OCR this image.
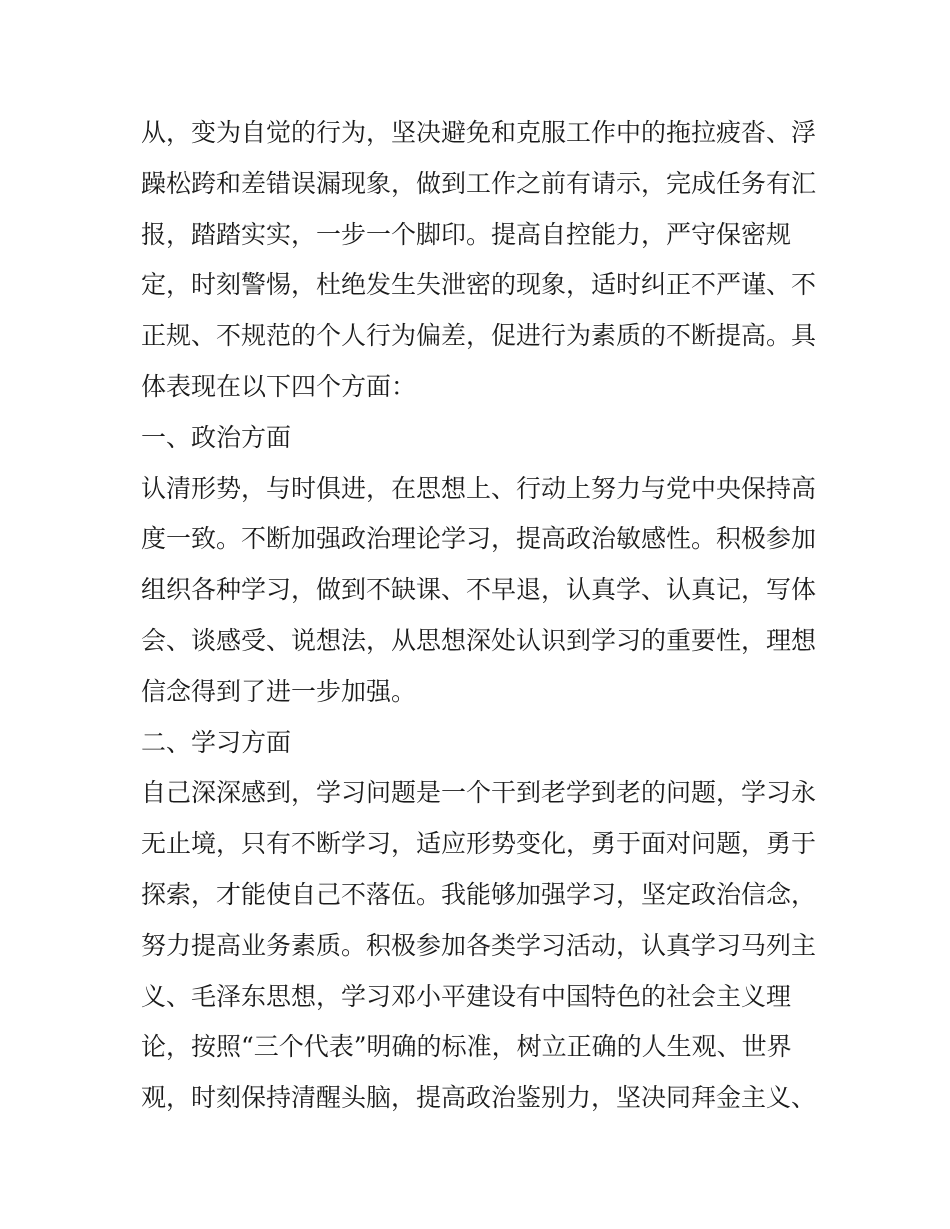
从，变为自觉的行为，坚决避免和克服工作中的拖拉疲沓、浮
躁松跨和差错误漏现象，做到工作之前有请示，完成任务有汇
报，踏踏实实，一步一个脚印。提高自控能力，严守保密规
定，时刻警惕，杜绝发生失泄密的现象，适时纠正不严谨、不
正规、不规范的个人行为偏差，促进行为素质的不断提高。具
体表现在以下四个方面：
一、政治方面
认清形势，与时俱进，在思想上、行动上努力与党中央保持高
度一致。不断加强政治理论学习，提高政治敏感性。积极参加
组织各种学习，做到不缺课、不早退，认真学、认真记，写体
会、谈感受、说想法，从思想深处认识到学习的重要性，理想
信念得到了进一步加强。
二、学习方面
自己深深感到，学习问题是一个干到老学到老的问题，学习永
无止境，只有不断学习，适应形势变化，勇于面对问题，勇于
探索，才能使自己不落伍。我能够加强学习，坚定政治信念，
努力提高业务素质。积极参加各类学习活动，认真学习马列主
义、毛泽东思想，学习邓小平建设有中国特色的社会主义理
论，按照“三个代表”明确的标准，树立正确的人生观、世界
观，时刻保持清醒头脑，提高政治鉴别力，坚决同拜金主义、
